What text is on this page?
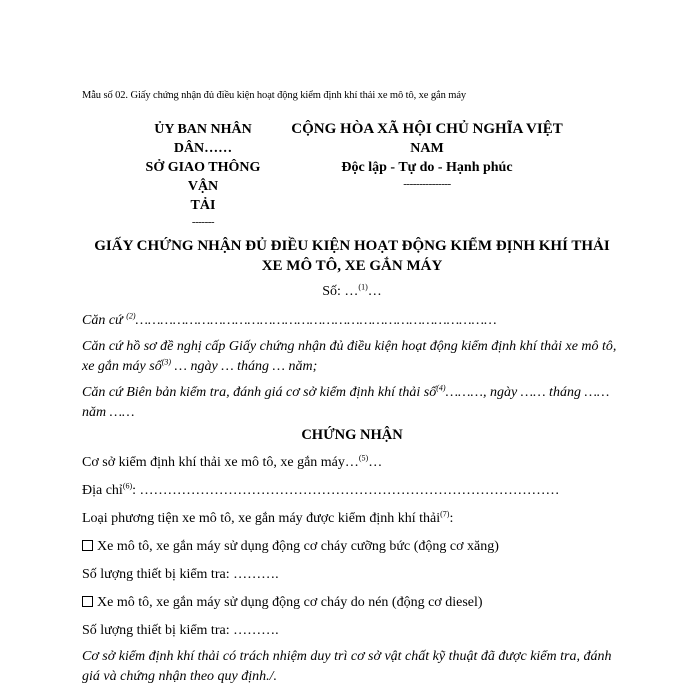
Mẫu số 02. Giấy chứng nhận đủ điều kiện hoạt động kiểm định khí thải xe mô tô, xe gắn máy
ỦY BAN NHÂN DÂN……
SỞ GIAO THÔNG VẬN
TẢI
-------
CỘNG HÒA XÃ HỘI CHỦ NGHĨA VIỆT
NAM
Độc lập - Tự do - Hạnh phúc
---------------
GIẤY CHỨNG NHẬN ĐỦ ĐIỀU KIỆN HOẠT ĐỘNG KIỂM ĐỊNH KHÍ THẢI
XE MÔ TÔ, XE GẮN MÁY
Số: …$^{(1)}$…
Căn cứ $^{(2)}$……………………………………………………………………………
Căn cứ hồ sơ đề nghị cấp Giấy chứng nhận đủ điều kiện hoạt động kiểm định khí thải xe mô tô, xe gắn máy số$^{(3)}$ … ngày … tháng … năm;
Căn cứ Biên bản kiểm tra, đánh giá cơ sở kiểm định khí thải số$^{(4)}$………, ngày …… tháng …… năm ……
CHỨNG NHẬN
Cơ sở kiểm định khí thải xe mô tô, xe gắn máy…$^{(5)}$…
Địa chỉ$^{(6)}$: ………………………………………………………………………………
Loại phương tiện xe mô tô, xe gắn máy được kiểm định khí thải$^{(7)}$:
Xe mô tô, xe gắn máy sử dụng động cơ cháy cưỡng bức (động cơ xăng)
Số lượng thiết bị kiểm tra: ……….
Xe mô tô, xe gắn máy sử dụng động cơ cháy do nén (động cơ diesel)
Số lượng thiết bị kiểm tra: ……….
Cơ sở kiểm định khí thải có trách nhiệm duy trì cơ sở vật chất kỹ thuật đã được kiểm tra, đánh giá và chứng nhận theo quy định./.
